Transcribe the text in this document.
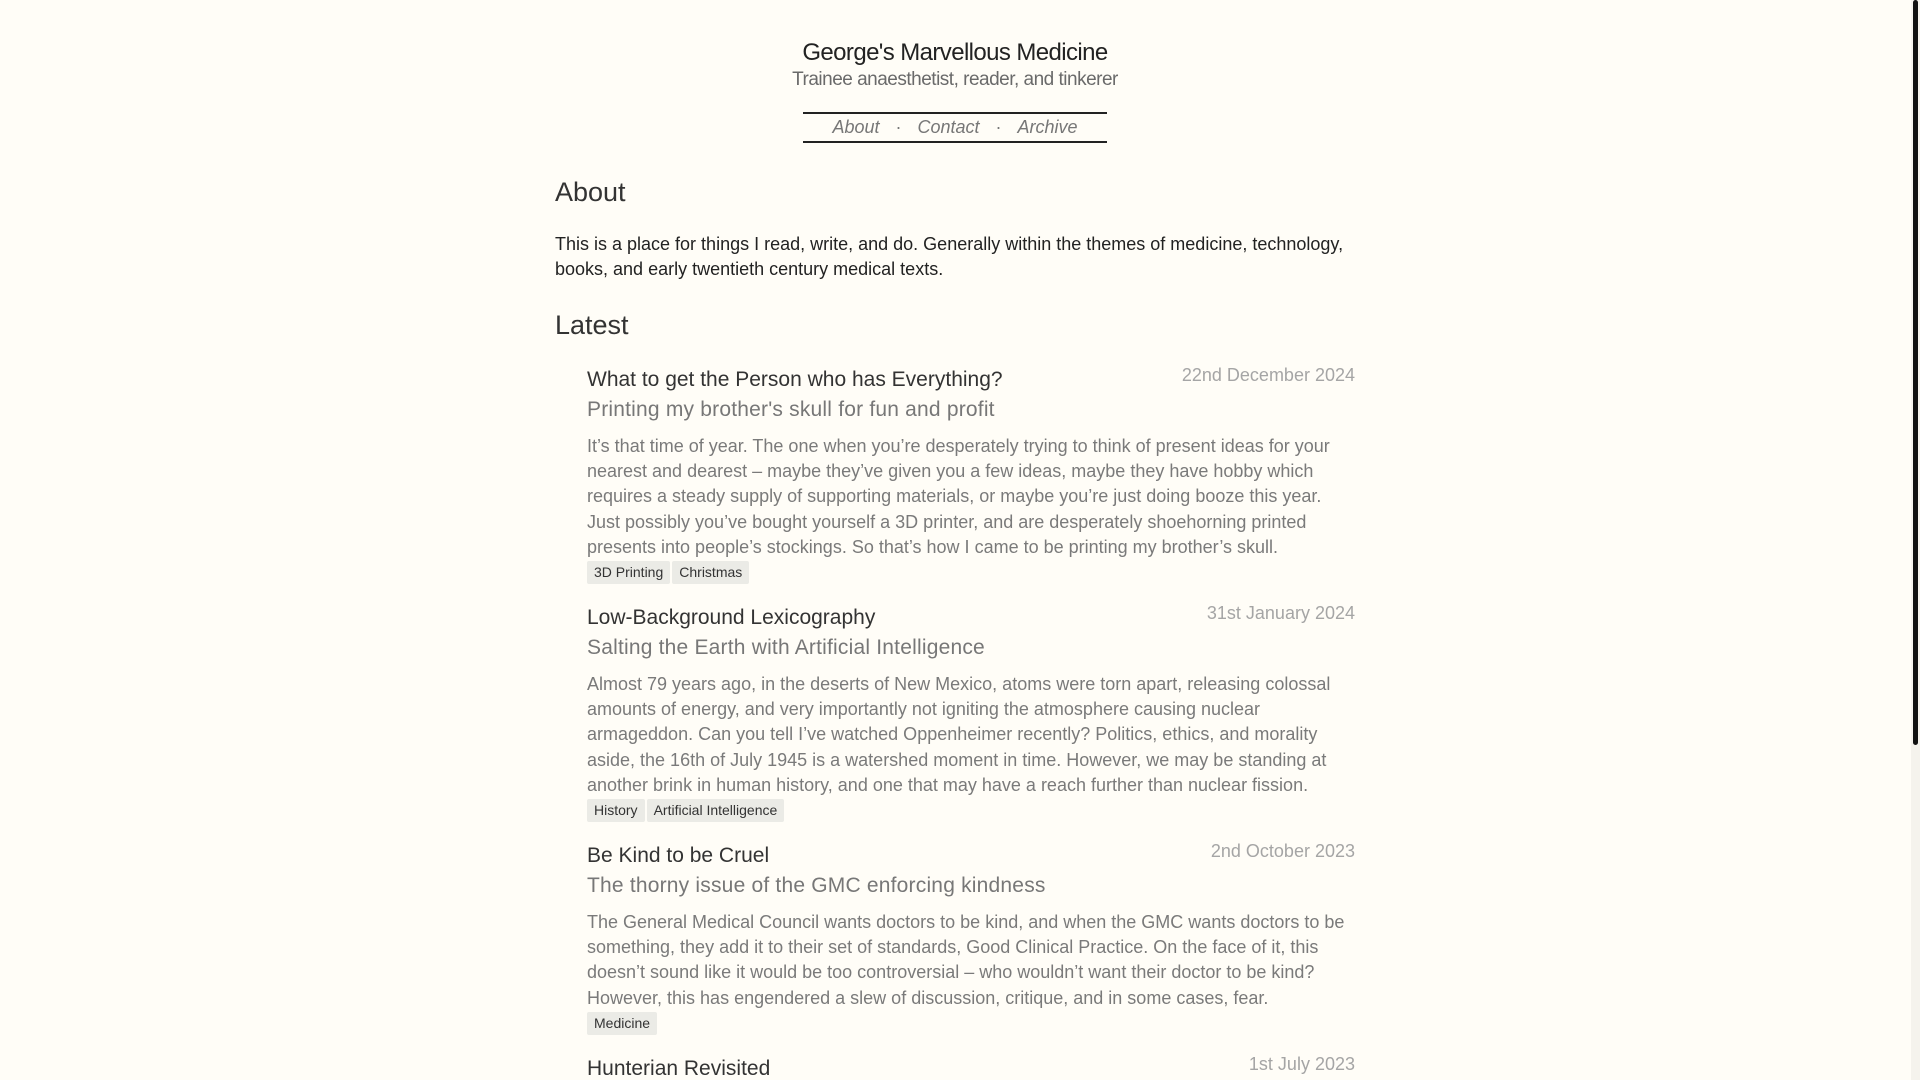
George's Marvellous Medicine
Trainee anaesthetist, reader, and tinkerer
About · Contact · Archive
About

This is a place for things I read, write, and do. Generally within the themes of medicine, technology, books, and early twentieth century medical texts.

Latest
What to get the Person who has Everything?	22nd December 2024
Printing my brother's skull for fun and profit
It’s that time of year. The one when you’re desperately trying to think of present ideas for your nearest and dearest – maybe they’ve given you a few ideas, maybe they have hobby which requires a steady supply of supporting materials, or maybe you’re just doing booze this year. Just possibly you’ve bought yourself a 3D printer, and are desperately shoehorning printed presents into people’s stockings. So that’s how I came to be printing my brother’s skull.
3D Printing Christmas
Low-Background Lexicography	31st January 2024
Salting the Earth with Artificial Intelligence
Almost 79 years ago, in the deserts of New Mexico, atoms were torn apart, releasing colossal amounts of energy, and very importantly not igniting the atmosphere causing nuclear armageddon. Can you tell I’ve watched Oppenheimer recently? Politics, ethics, and morality aside, the 16th of July 1945 is a watershed moment in time. However, we may be standing at another brink in human history, and one that may have a reach further than nuclear fission.
History Artificial Intelligence
Be Kind to be Cruel	2nd October 2023
The thorny issue of the GMC enforcing kindness
The General Medical Council wants doctors to be kind, and when the GMC wants doctors to be something, they add it to their set of standards, Good Clinical Practice. On the face of it, this doesn’t sound like it would be too controversial – who wouldn’t want their doctor to be kind? However, this has engendered a slew of discussion, critique, and in some cases, fear.
Medicine
Hunterian Revisited	1st July 2023
